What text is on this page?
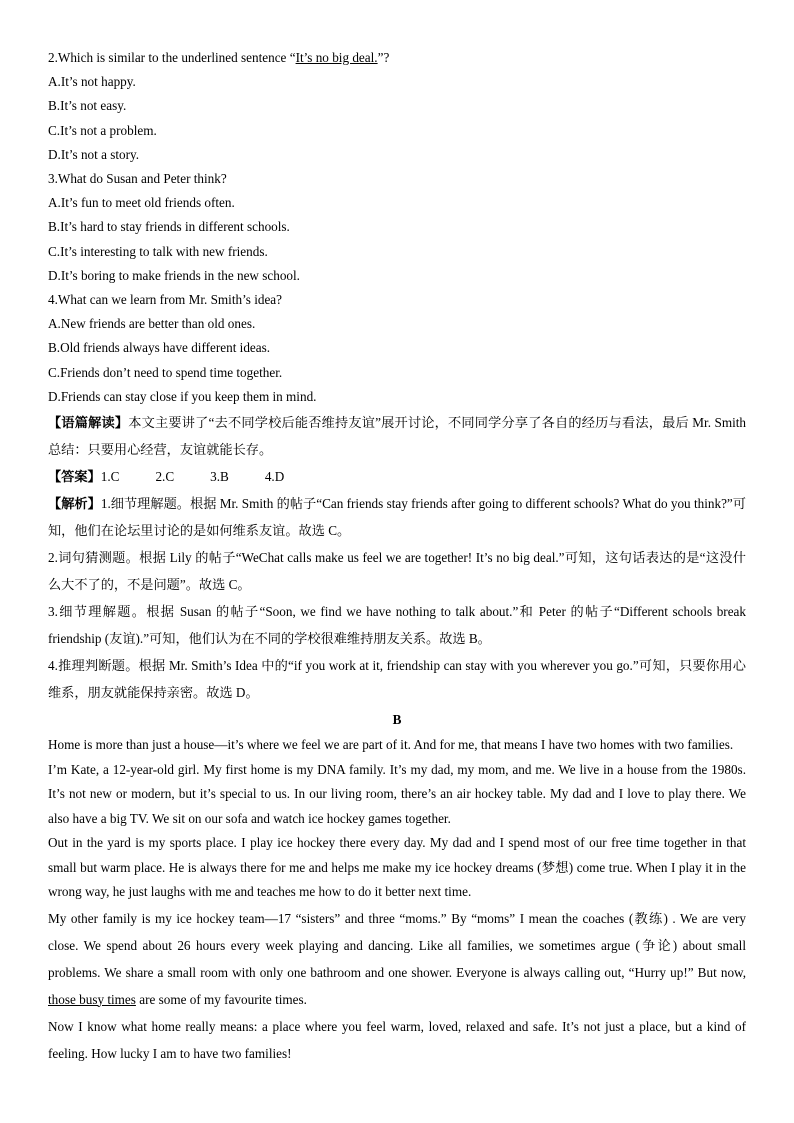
2.Which is similar to the underlined sentence “It’s no big deal.”?
A.It’s not happy.
B.It’s not easy.
C.It’s not a problem.
D.It’s not a story.
3.What do Susan and Peter think?
A.It’s fun to meet old friends often.
B.It’s hard to stay friends in different schools.
C.It’s interesting to talk with new friends.
D.It’s boring to make friends in the new school.
4.What can we learn from Mr. Smith’s idea?
A.New friends are better than old ones.
B.Old friends always have different ideas.
C.Friends don’t need to spend time together.
D.Friends can stay close if you keep them in mind.
【语篇解读】本文主要讲了“去不同学校后能否维持友谊”展开讨论，不同同学分享了各自的经历与看法，最后 Mr. Smith 总结：只要用心经营，友谊就能长存。
【答案】1.C	2.C	3.B	4.D
【解析】1.细节理解题。根据 Mr. Smith 的帖子“Can friends stay friends after going to different schools? What do you think?”可知，他们在论坛里讨论的是如何维系友谊。故选 C。
2.词句猜测题。根据 Lily 的帖子“WeChat calls make us feel we are together! It’s no big deal.”可知，这句话表达的是“这没什么大不了的，不是问题”。故选 C。
3.细节理解题。根据 Susan 的帖子“Soon, we find we have nothing to talk about.”和 Peter 的帖子“Different schools break friendship (友谊).”可知，他们认为在不同的学校很难维持朋友关系。故选 B。
4.推理判断题。根据 Mr. Smith’s Idea 中的“if you work at it, friendship can stay with you wherever you go.”可知，只要你用心维系，朋友就能保持亲密。故选 D。
B
Home is more than just a house—it’s where we feel we are part of it. And for me, that means I have two homes with two families.
I’m Kate, a 12-year-old girl. My first home is my DNA family. It’s my dad, my mom, and me. We live in a house from the 1980s. It’s not new or modern, but it’s special to us. In our living room, there’s an air hockey table. My dad and I love to play there. We also have a big TV. We sit on our sofa and watch ice hockey games together.
Out in the yard is my sports place. I play ice hockey there every day. My dad and I spend most of our free time together in that small but warm place. He is always there for me and helps me make my ice hockey dreams (梦想) come true. When I play it in the wrong way, he just laughs with me and teaches me how to do it better next time.
My other family is my ice hockey team—17 “sisters” and three “moms.” By “moms” I mean the coaches (教练) . We are very close. We spend about 26 hours every week playing and dancing. Like all families, we sometimes argue (争论) about small problems. We share a small room with only one bathroom and one shower. Everyone is always calling out, “Hurry up!” But now, those busy times are some of my favourite times.
Now I know what home really means: a place where you feel warm, loved, relaxed and safe. It’s not just a place, but a kind of feeling. How lucky I am to have two families!
